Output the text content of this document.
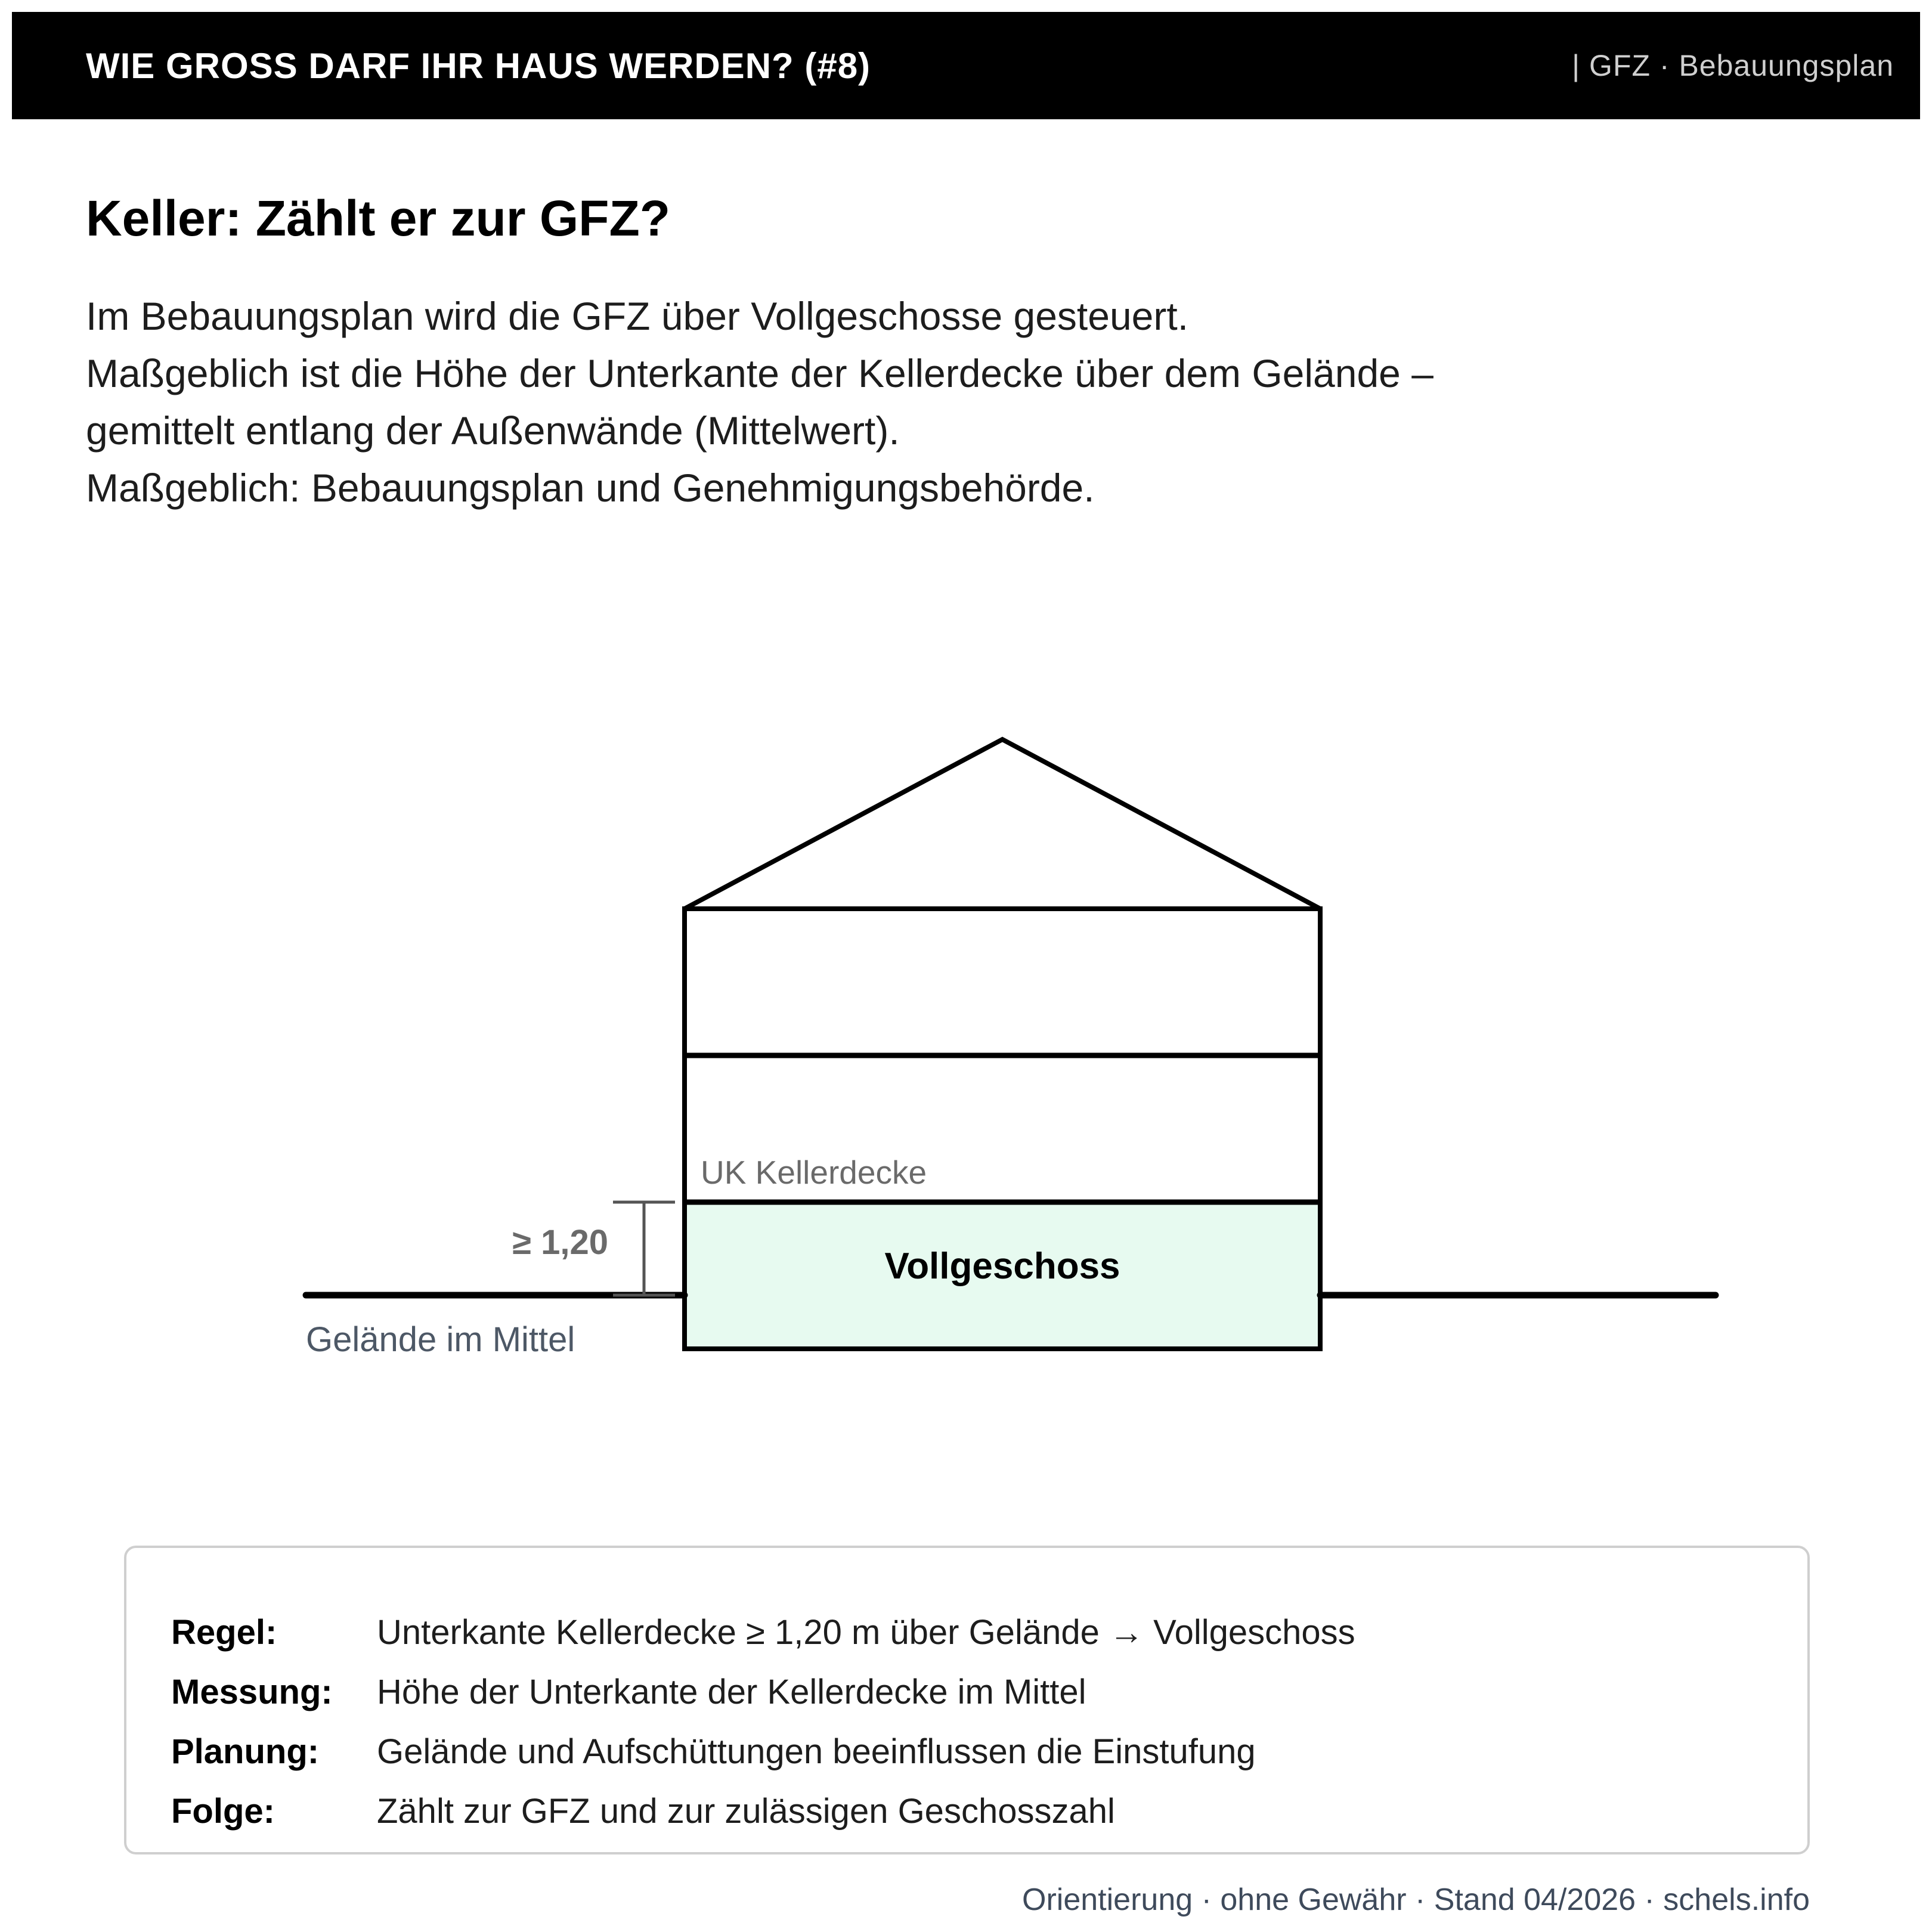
WIE GROSS DARF IHR HAUS WERDEN? (#8)	| GFZ · Bebauungsplan
Keller: Zählt er zur GFZ?
Im Bebauungsplan wird die GFZ über Vollgeschosse gesteuert.
Maßgeblich ist die Höhe der Unterkante der Kellerdecke über dem Gelände –
gemittelt entlang der Außenwände (Mittelwert).
Maßgeblich: Bebauungsplan und Genehmigungsbehörde.
UK Kellerdecke
≥ 1,20
Vollgeschoss
Gelände im Mittel
Regel:	Unterkante Kellerdecke ≥ 1,20 m über Gelände → Vollgeschoss
Messung:	Höhe der Unterkante der Kellerdecke im Mittel
Planung:	Gelände und Aufschüttungen beeinflussen die Einstufung
Folge:	Zählt zur GFZ und zur zulässigen Geschosszahl
Orientierung · ohne Gewähr · Stand 04/2026 · schels.info
